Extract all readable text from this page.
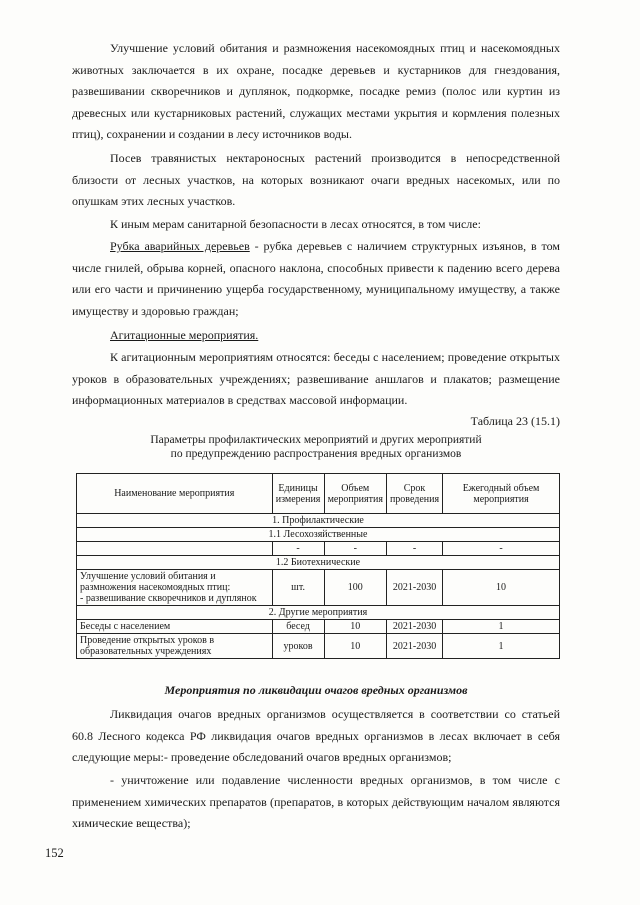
Улучшение условий обитания и размножения насекомоядных птиц и насекомоядных животных заключается в их охране, посадке деревьев и кустарников для гнездования, развешивании скворечников и дуплянок, подкормке, посадке ремиз (полос или куртин из древесных или кустарниковых растений, служащих местами укрытия и кормления полезных птиц), сохранении и создании в лесу источников воды.

Посев травянистых нектароносных растений производится в непосредственной близости от лесных участков, на которых возникают очаги вредных насекомых, или по опушкам этих лесных участков.

К иным мерам санитарной безопасности в лесах относятся, в том числе:

Рубка аварийных деревьев - рубка деревьев с наличием структурных изъянов, в том числе гнилей, обрыва корней, опасного наклона, способных привести к падению всего дерева или его части и причинению ущерба государственному, муниципальному имуществу, а также имуществу и здоровью граждан;

Агитационные мероприятия.

К агитационным мероприятиям относятся: беседы с населением; проведение открытых уроков в образовательных учреждениях; развешивание аншлагов и плакатов; размещение информационных материалов в средствах массовой информации.

Таблица 23 (15.1)
Параметры профилактических мероприятий и других мероприятий
по предупреждению распространения вредных организмов
Наименование мероприятия	Единицы измерения	Объем мероприятия	Срок проведения	Ежегодный объем мероприятия
1. Профилактические				
1.1 Лесохозяйственные				
	-	-	-	-
1.2 Биотехнические				

Улучшение условий обитания и
размножения насекомоядных птиц:
- развешивание скворечников и дуплянок	шт.	100	2021-2030	10
2. Другие мероприятия				
Беседы с населением	бесед	10	2021-2030	1

Проведение открытых уроков в
образовательных учреждениях	уроков	10	2021-2030	1
Мероприятия по ликвидации очагов вредных организмов

Ликвидация очагов вредных организмов осуществляется в соответствии со статьей 60.8 Лесного кодекса РФ ликвидация очагов вредных организмов в лесах включает в себя следующие меры:- проведение обследований очагов вредных организмов;

- уничтожение или подавление численности вредных организмов, в том числе с применением химических препаратов (препаратов, в которых действующим началом являются химические вещества);

152
